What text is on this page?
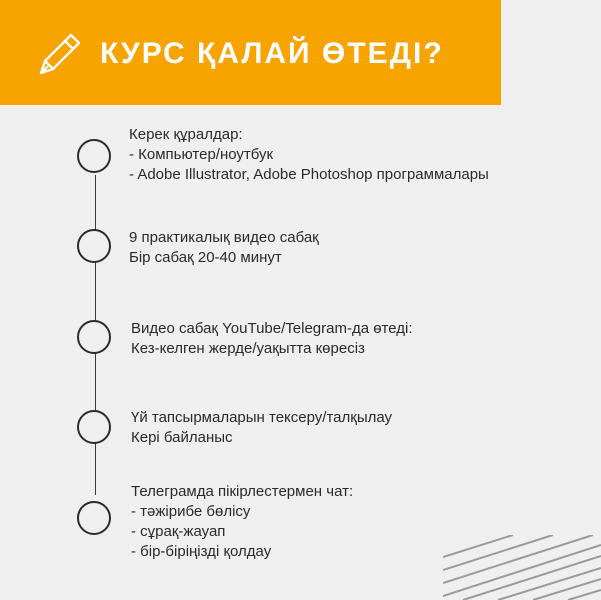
КУРС ҚАЛАЙ ӨТЕДІ?
Керек құралдар:
- Компьютер/ноутбук
- Adobe Illustrator, Adobe Photoshop программалары
9 практикалық видео сабақ
Бір сабақ 20-40 минут
Видео сабақ YouTube/Telegram-да өтеді:
Кез-келген жерде/уақытта көресіз
Үй тапсырмаларын тексеру/талқылау
Кері байланыс
Телеграмда пікірлестермен чат:
- тәжірибе бөлісу
- сұрақ-жауап
- бір-біріңізді қолдау
